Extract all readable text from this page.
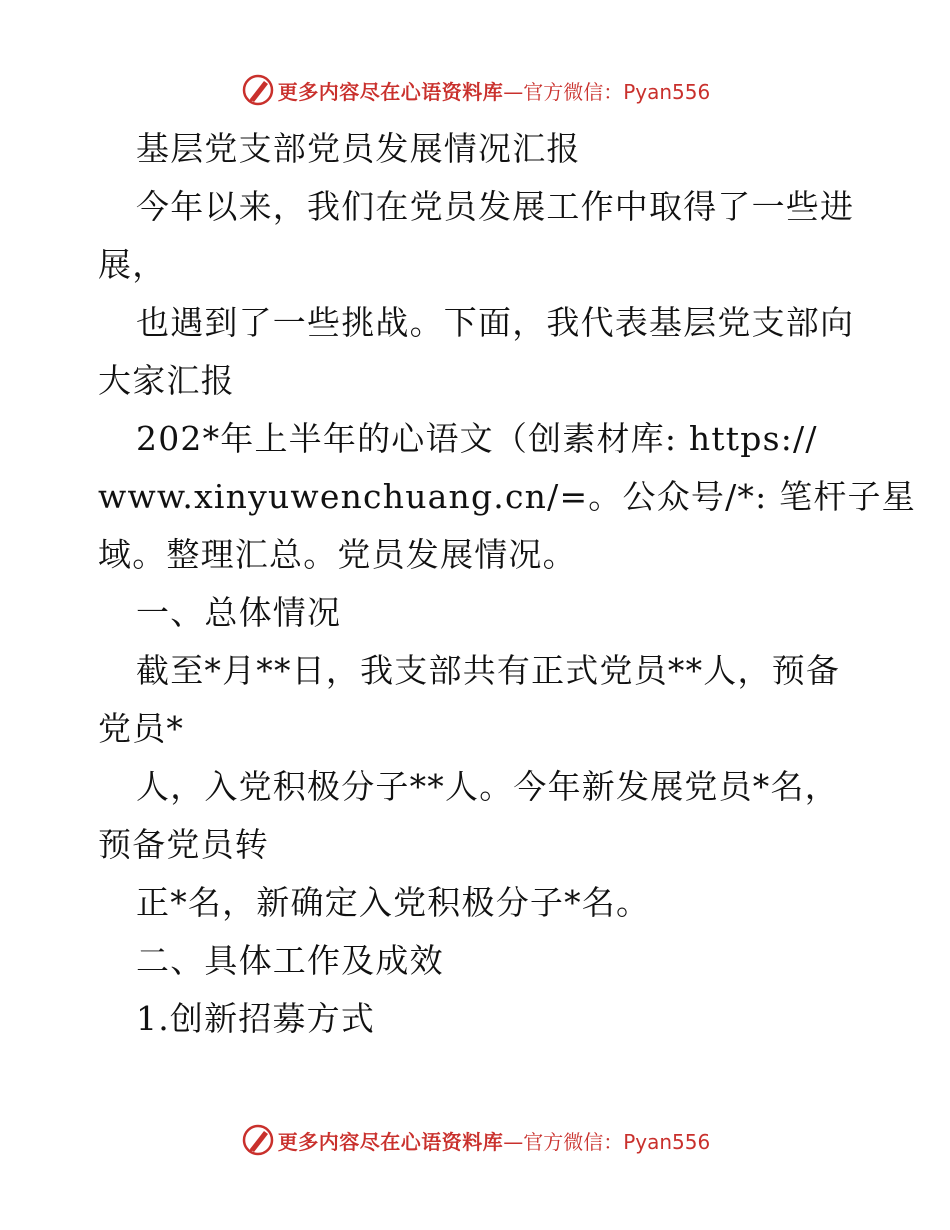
更多内容尽在心语资料库 —官方微信：Pyan556
基层党支部党员发展情况汇报
今年以来，我们在党员发展工作中取得了一些进
展，
也遇到了一些挑战。下面，我代表基层党支部向
大家汇报
202*年上半年的心语文（创素材库: https://
www.xinyuwenchuang.cn/=。公众号/*: 笔杆子星
域。整理汇总。党员发展情况。
一、总体情况
截至*月**日，我支部共有正式党员**人，预备
党员*
人，入党积极分子**人。今年新发展党员*名，
预备党员转
正*名，新确定入党积极分子*名。
二、具体工作及成效
1.创新招募方式
更多内容尽在心语资料库 —官方微信：Pyan556
